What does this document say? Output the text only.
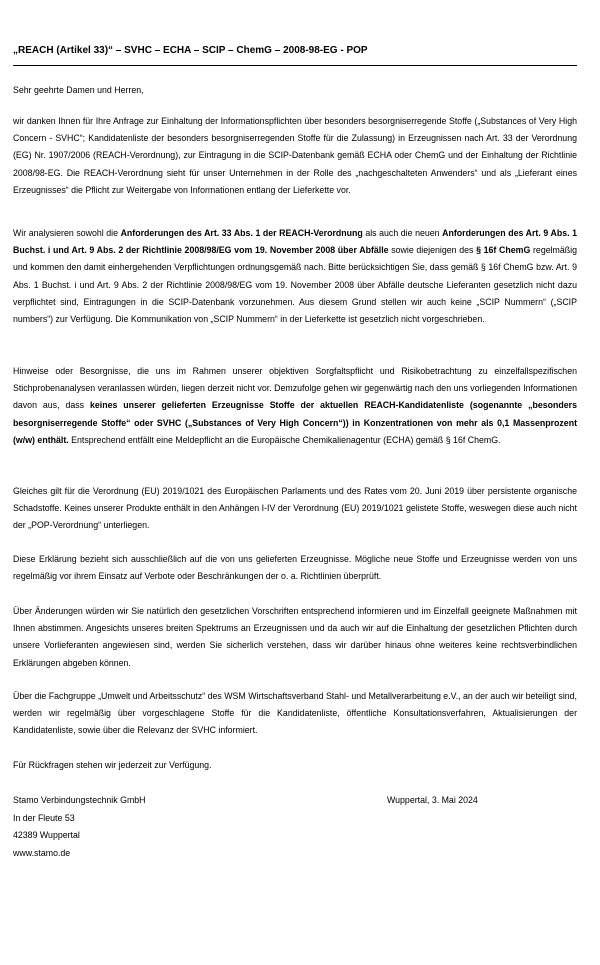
„REACH (Artikel 33)“ – SVHC – ECHA – SCIP – ChemG – 2008-98-EG - POP

Sehr geehrte Damen und Herren,

wir danken Ihnen für Ihre Anfrage zur Einhaltung der Informationspflichten über besonders besorgniserregende Stoffe („Substances of Very High Concern - SVHC“; Kandidatenliste der besonders besorgniserregenden Stoffe für die Zulassung) in Erzeugnissen nach Art. 33 der Verordnung (EG) Nr. 1907/2006 (REACH-Verordnung), zur Eintragung in die SCIP-Datenbank gemäß ECHA oder ChemG und der Einhaltung der Richtlinie 2008/98-EG. Die REACH-Verordnung sieht für unser Unternehmen in der Rolle des „nachgeschalteten Anwenders“ und als „Lieferant eines Erzeugnisses“ die Pflicht zur Weitergabe von Informationen entlang der Lieferkette vor.

Wir analysieren sowohl die Anforderungen des Art. 33 Abs. 1 der REACH-Verordnung als auch die neuen Anforderungen des Art. 9 Abs. 1 Buchst. i und Art. 9 Abs. 2 der Richtlinie 2008/98/EG vom 19. November 2008 über Abfälle sowie diejenigen des § 16f ChemG regelmäßig und kommen den damit einhergehenden Verpflichtungen ordnungsgemäß nach. Bitte berücksichtigen Sie, dass gemäß § 16f ChemG bzw. Art. 9 Abs. 1 Buchst. i und Art. 9 Abs. 2 der Richtlinie 2008/98/EG vom 19. November 2008 über Abfälle deutsche Lieferanten gesetzlich nicht dazu verpflichtet sind, Eintragungen in die SCIP-Datenbank vorzunehmen. Aus diesem Grund stellen wir auch keine „SCIP Nummern“ („SCIP numbers“) zur Verfügung. Die Kommunikation von „SCIP Nummern“ in der Lieferkette ist gesetzlich nicht vorgeschrieben.

Hinweise oder Besorgnisse, die uns im Rahmen unserer objektiven Sorgfaltspflicht und Risikobetrachtung zu einzelfallspezifischen Stichprobenanalysen veranlassen würden, liegen derzeit nicht vor. Demzufolge gehen wir gegenwärtig nach den uns vorliegenden Informationen davon aus, dass keines unserer gelieferten Erzeugnisse Stoffe der aktuellen REACH-Kandidatenliste (sogenannte „besonders besorgniserregende Stoffe“ oder SVHC („Substances of Very High Concern“)) in Konzentrationen von mehr als 0,1 Massenprozent (w/w) enthält. Entsprechend entfällt eine Meldepflicht an die Europäische Chemikalienagentur (ECHA) gemäß § 16f ChemG.

Gleiches gilt für die Verordnung (EU) 2019/1021 des Europäischen Parlaments und des Rates vom 20. Juni 2019 über persistente organische Schadstoffe. Keines unserer Produkte enthält in den Anhängen I-IV der Verordnung (EU) 2019/1021 gelistete Stoffe, weswegen diese auch nicht der „POP-Verordnung“ unterliegen.

Diese Erklärung bezieht sich ausschließlich auf die von uns gelieferten Erzeugnisse. Mögliche neue Stoffe und Erzeugnisse werden von uns regelmäßig vor ihrem Einsatz auf Verbote oder Beschränkungen der o. a. Richtlinien überprüft.

Über Änderungen würden wir Sie natürlich den gesetzlichen Vorschriften entsprechend informieren und im Einzelfall geeignete Maßnahmen mit Ihnen abstimmen. Angesichts unseres breiten Spektrums an Erzeugnissen und da auch wir auf die Einhaltung der gesetzlichen Pflichten durch unsere Vorlieferanten angewiesen sind, werden Sie sicherlich verstehen, dass wir darüber hinaus ohne weiteres keine rechtsverbindlichen Erklärungen abgeben können.

Über die Fachgruppe „Umwelt und Arbeitsschutz“ des WSM Wirtschaftsverband Stahl- und Metallverarbeitung e.V., an der auch wir beteiligt sind, werden wir regelmäßig über vorgeschlagene Stoffe für die Kandidatenliste, öffentliche Konsultationsverfahren, Aktualisierungen der Kandidatenliste, sowie über die Relevanz der SVHC informiert.

Für Rückfragen stehen wir jederzeit zur Verfügung.

Stamo Verbindungstechnik GmbH
In der Fleute 53
42389 Wuppertal
www.stamo.de
Wuppertal, 3. Mai 2024
